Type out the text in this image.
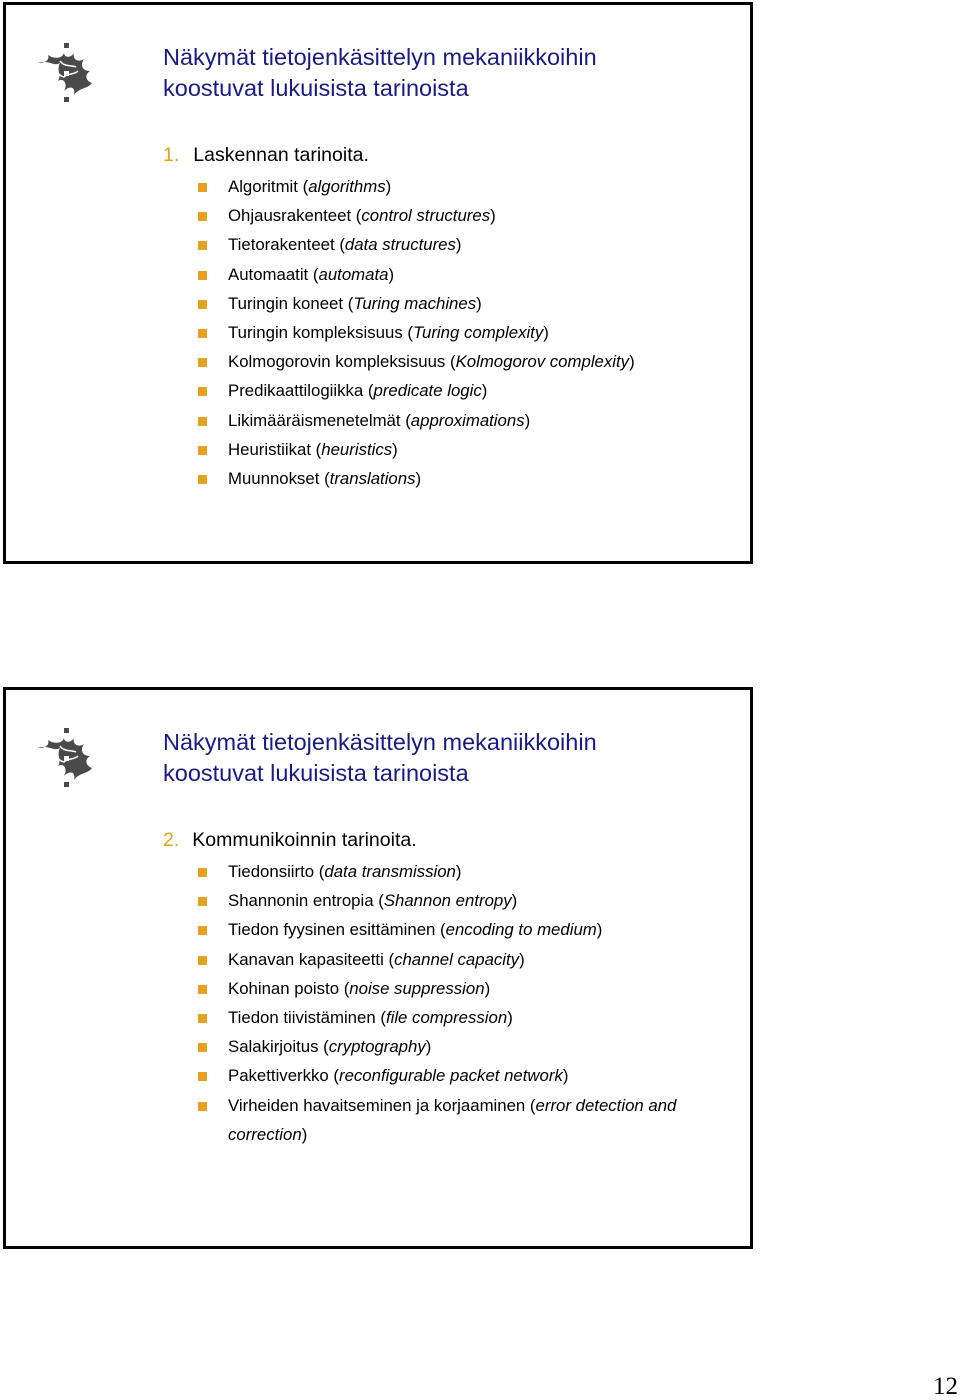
Näkymät tietojenkäsittelyn mekaniikkoihin
koostuvat lukuisista tarinoista
1. Laskennan tarinoita.
Algoritmit (algorithms)
Ohjausrakenteet (control structures)
Tietorakenteet (data structures)
Automaatit (automata)
Turingin koneet (Turing machines)
Turingin kompleksisuus (Turing complexity)
Kolmogorovin kompleksisuus (Kolmogorov complexity)
Predikaattilogiikka (predicate logic)
Likimääräismenetelmät (approximations)
Heuristiikat (heuristics)
Muunnokset (translations)
Näkymät tietojenkäsittelyn mekaniikkoihin
koostuvat lukuisista tarinoista
2. Kommunikoinnin tarinoita.
Tiedonsiirto (data transmission)
Shannonin entropia (Shannon entropy)
Tiedon fyysinen esittäminen (encoding to medium)
Kanavan kapasiteetti (channel capacity)
Kohinan poisto (noise suppression)
Tiedon tiivistäminen (file compression)
Salakirjoitus (cryptography)
Pakettiverkko (reconfigurable packet network)
Virheiden havaitseminen ja korjaaminen (error detection and correction)
12
